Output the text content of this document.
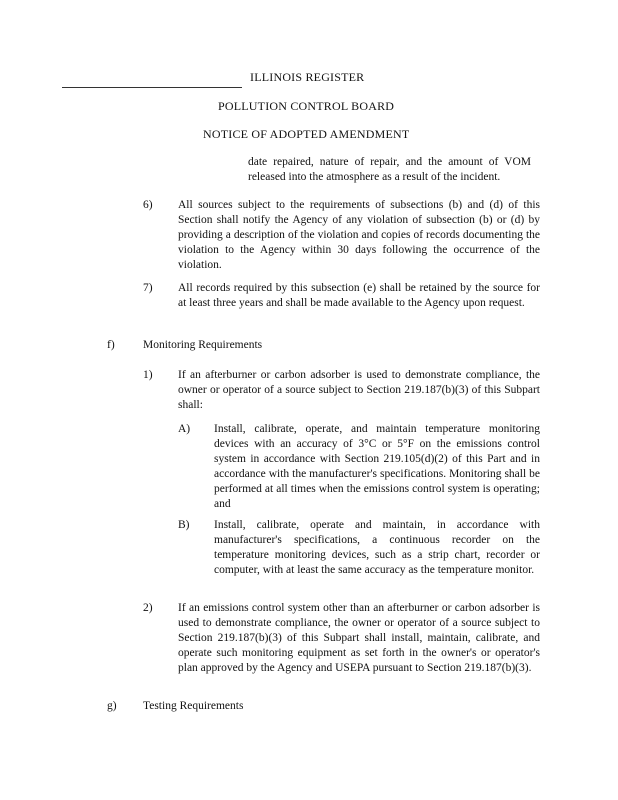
ILLINOIS REGISTER
POLLUTION CONTROL BOARD
NOTICE OF ADOPTED AMENDMENT
date repaired, nature of repair, and the amount of VOM released into the atmosphere as a result of the incident.
6) All sources subject to the requirements of subsections (b) and (d) of this Section shall notify the Agency of any violation of subsection (b) or (d) by providing a description of the violation and copies of records documenting the violation to the Agency within 30 days following the occurrence of the violation.
7) All records required by this subsection (e) shall be retained by the source for at least three years and shall be made available to the Agency upon request.
f) Monitoring Requirements
1) If an afterburner or carbon adsorber is used to demonstrate compliance, the owner or operator of a source subject to Section 219.187(b)(3) of this Subpart shall:
A) Install, calibrate, operate, and maintain temperature monitoring devices with an accuracy of 3°C or 5°F on the emissions control system in accordance with Section 219.105(d)(2) of this Part and in accordance with the manufacturer's specifications. Monitoring shall be performed at all times when the emissions control system is operating; and
B) Install, calibrate, operate and maintain, in accordance with manufacturer's specifications, a continuous recorder on the temperature monitoring devices, such as a strip chart, recorder or computer, with at least the same accuracy as the temperature monitor.
2) If an emissions control system other than an afterburner or carbon adsorber is used to demonstrate compliance, the owner or operator of a source subject to Section 219.187(b)(3) of this Subpart shall install, maintain, calibrate, and operate such monitoring equipment as set forth in the owner's or operator's plan approved by the Agency and USEPA pursuant to Section 219.187(b)(3).
g) Testing Requirements
